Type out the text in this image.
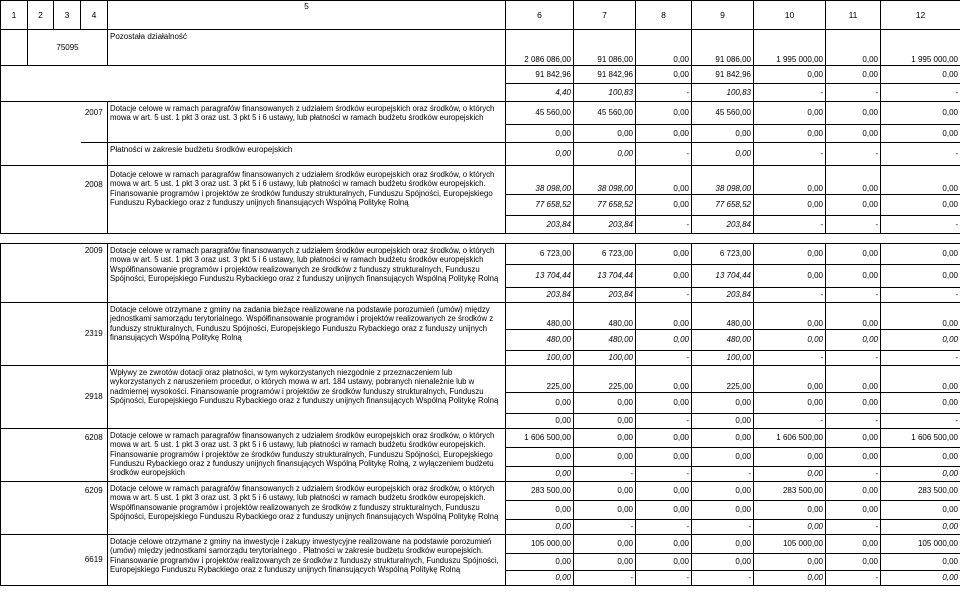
1	2	3	4	5	6	7	8	9	10	11	12
	75095			Pozostała działalność	2 086 086,00	91 086,00	0,00	91 086,00	1 995 000,00	0,00	1 995 000,00
					91 842,96	91 842,96	0,00	91 842,96	0,00	0,00	0,00
					4,40	100,83	-	100,83	-	-	-
			2007	Dotacje celowe w ramach paragrafów finansowanych z udziałem środków europejskich oraz środków, o których mowa w art. 5 ust. 1 pkt 3 oraz ust. 3 pkt 5 i 6 ustawy, lub płatności w ramach budżetu środków europejskich	45 560,00	45 560,00	0,00	45 560,00	0,00	0,00	0,00
					0,00	0,00	0,00	0,00	0,00	0,00	0,00
				Płatności w zakresie budżetu środków europejskich	0,00	0,00	-	0,00	-	-	-
			2008	Dotacje celowe w ramach paragrafów finansowanych z udziałem środków europejskich oraz środków, o których mowa w art. 5 ust. 1 pkt 3 oraz ust. 3 pkt 5 i 6 ustawy, lub płatności w ramach budżetu środków europejskich. Finansowanie programów i projektów ze środków funduszy strukturalnych, Funduszu Spójności, Europejskiego Funduszu Rybackiego oraz z funduszy unijnych finansujących Wspólną Politykę Rolną	38 098,00	38 098,00	0,00	38 098,00	0,00	0,00	0,00
					77 658,52	77 658,52	0,00	77 658,52	0,00	0,00	0,00
					203,84	203,84	-	203,84	-	-	-

			2009	Dotacje celowe w ramach paragrafów finansowanych z udziałem środków europejskich oraz środków, o których mowa w art. 5 ust. 1 pkt 3 oraz ust. 3 pkt 5 i 6 ustawy, lub płatności w ramach budżetu środków europejskich Współfinansowanie programów i projektów realizowanych ze środków z funduszy strukturalnych, Funduszu Spójności, Europejskiego Funduszu Rybackiego oraz z funduszy unijnych finansujących Wspólną Politykę Rolną	6 723,00	6 723,00	0,00	6 723,00	0,00	0,00	0,00
					13 704,44	13 704,44	0,00	13 704,44	0,00	0,00	0,00
					203,84	203,84	-	203,84	-	-	-
			2319	Dotacje celowe otrzymane z gminy na zadania bieżące realizowane na podstawie porozumień (umów) między jednostkami samorządu terytorialnego. Współfinansowanie programów i projektów realizowanych ze środków z funduszy strukturalnych, Funduszu Spójności, Europejskiego Funduszu Rybackiego oraz z funduszy unijnych finansujących Wspólną Politykę Rolną	480,00	480,00	0,00	480,00	0,00	0,00	0,00
					480,00	480,00	0,00	480,00	0,00	0,00	0,00
					100,00	100,00	-	100,00	-	-	-
			2918	Wpływy ze zwrotów dotacji oraz płatności, w tym wykorzystanych niezgodnie z przeznaczeniem lub wykorzystanych z naruszeniem procedur, o których mowa w art. 184 ustawy, pobranych nienależnie lub w nadmiernej wysokości. Finansowanie programów i projektów ze środków funduszy strukturalnych, Funduszu Spójności, Europejskiego Funduszu Rybackiego oraz z funduszy unijnych finansujących Wspólną Politykę Rolną	225,00	225,00	0,00	225,00	0,00	0,00	0,00
					0,00	0,00	0,00	0,00	0,00	0,00	0,00
					0,00	0,00	-	0,00	-	-	-
			6208	Dotacje celowe w ramach paragrafów finansowanych z udziałem środków europejskich oraz środków, o których mowa w art. 5 ust. 1 pkt 3 oraz ust. 3 pkt 5 i 6 ustawy, lub płatności w ramach budżetu środków europejskich. Finansowanie programów i projektów ze środków funduszy strukturalnych, Funduszu Spójności, Europejskiego Funduszu Rybackiego oraz z funduszy unijnych finansujących Wspólną Politykę Rolną, z wyłączeniem budżetu środków europejskich	1 606 500,00	0,00	0,00	0,00	1 606 500,00	0,00	1 606 500,00
					0,00	0,00	0,00	0,00	0,00	0,00	0,00
					0,00	-	-	-	0,00	-	0,00
			6209	Dotacje celowe w ramach paragrafów finansowanych z udziałem środków europejskich oraz środków, o których mowa w art. 5 ust. 1 pkt 3 oraz ust. 3 pkt 5 i 6 ustawy, lub płatności w ramach budżetu środków europejskich. Współfinansowanie programów i projektów realizowanych ze środków z funduszy strukturalnych, Funduszu Spójności, Europejskiego Funduszu Rybackiego oraz z funduszy unijnych finansujących Wspólną Politykę Rolną	283 500,00	0,00	0,00	0,00	283 500,00	0,00	283 500,00
					0,00	0,00	0,00	0,00	0,00	0,00	0,00
					0,00	-	-	-	0,00	-	0,00
			6619	Dotacje celowe otrzymane z gminy na inwestycje i zakupy inwestycyjne realizowane na podstawie porozumień (umów) między jednostkami samorządu terytorialnego . Płatności w zakresie budżetu środków europejskich. Finansowanie programów i projektów realizowanych ze środków z funduszy strukturalnych, Funduszu Spójności, Europejskiego Funduszu Rybackiego oraz z funduszy unijnych finansujących Wspólną Politykę Rolną	105 000,00	0,00	0,00	0,00	105 000,00	0,00	105 000,00
					0,00	0,00	0,00	0,00	0,00	0,00	0,00
					0,00	-	-	-	0,00	-	0,00
